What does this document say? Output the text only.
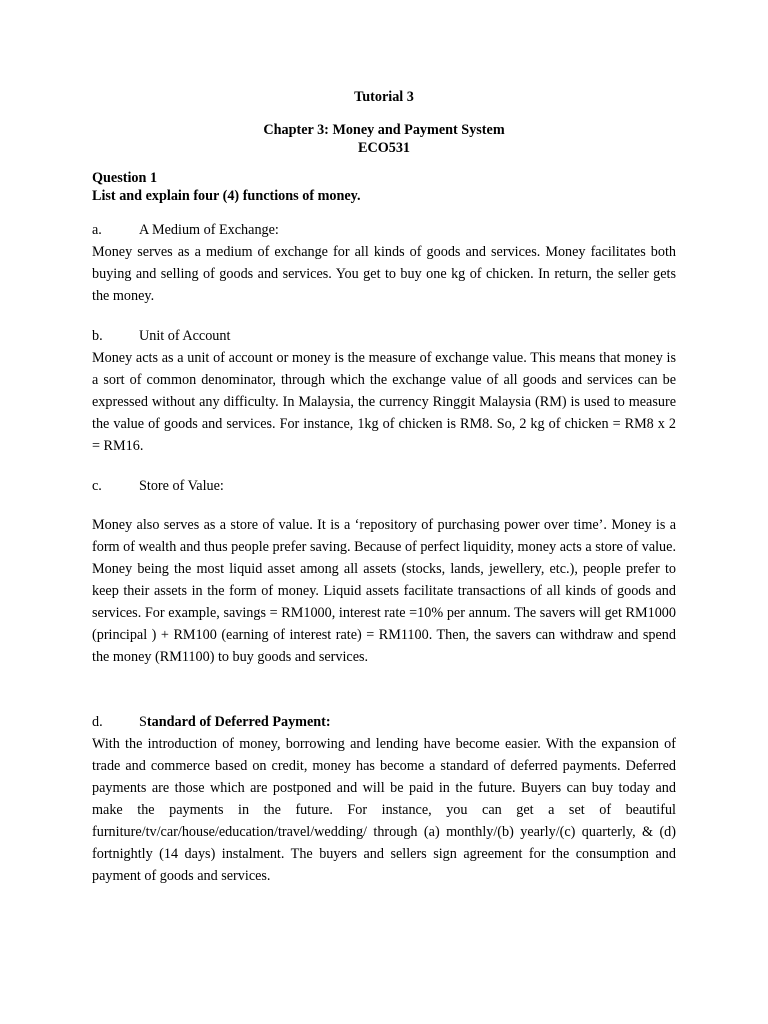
Tutorial 3
Chapter 3: Money and Payment System
ECO531
Question 1
List and explain four (4) functions of money.
a.	A Medium of Exchange:

Money serves as a medium of exchange for all kinds of goods and services. Money facilitates both buying and selling of goods and services. You get to buy one kg of chicken. In return, the seller gets the money.

b.	Unit of Account

Money acts as a unit of account or money is the measure of exchange value. This means that money is a sort of common denominator, through which the exchange value of all goods and services can be expressed without any difficulty. In Malaysia, the currency Ringgit Malaysia (RM) is used to measure the value of goods and services. For instance, 1kg of chicken is RM8. So, 2 kg of chicken = RM8 x 2 = RM16.

c.	Store of Value:

Money also serves as a store of value. It is a ‘repository of purchasing power over time’. Money is a form of wealth and thus people prefer saving. Because of perfect liquidity, money acts a store of value. Money being the most liquid asset among all assets (stocks, lands, jewellery, etc.), people prefer to keep their assets in the form of money. Liquid assets facilitate transactions of all kinds of goods and services. For example, savings = RM1000, interest rate =10% per annum. The savers will get RM1000 (principal ) + RM100 (earning of interest rate) = RM1100. Then, the savers can withdraw and spend the money (RM1100) to buy goods and services.

d.	Standard of Deferred Payment:

With the introduction of money, borrowing and lending have become easier. With the expansion of trade and commerce based on credit, money has become a standard of deferred payments. Deferred payments are those which are postponed and will be paid in the future. Buyers can buy today and make the payments in the future. For instance, you can get a set of beautiful furniture/tv/car/house/education/travel/wedding/ through (a) monthly/(b) yearly/(c) quarterly, & (d) fortnightly (14 days) instalment. The buyers and sellers sign agreement for the consumption and payment of goods and services.
